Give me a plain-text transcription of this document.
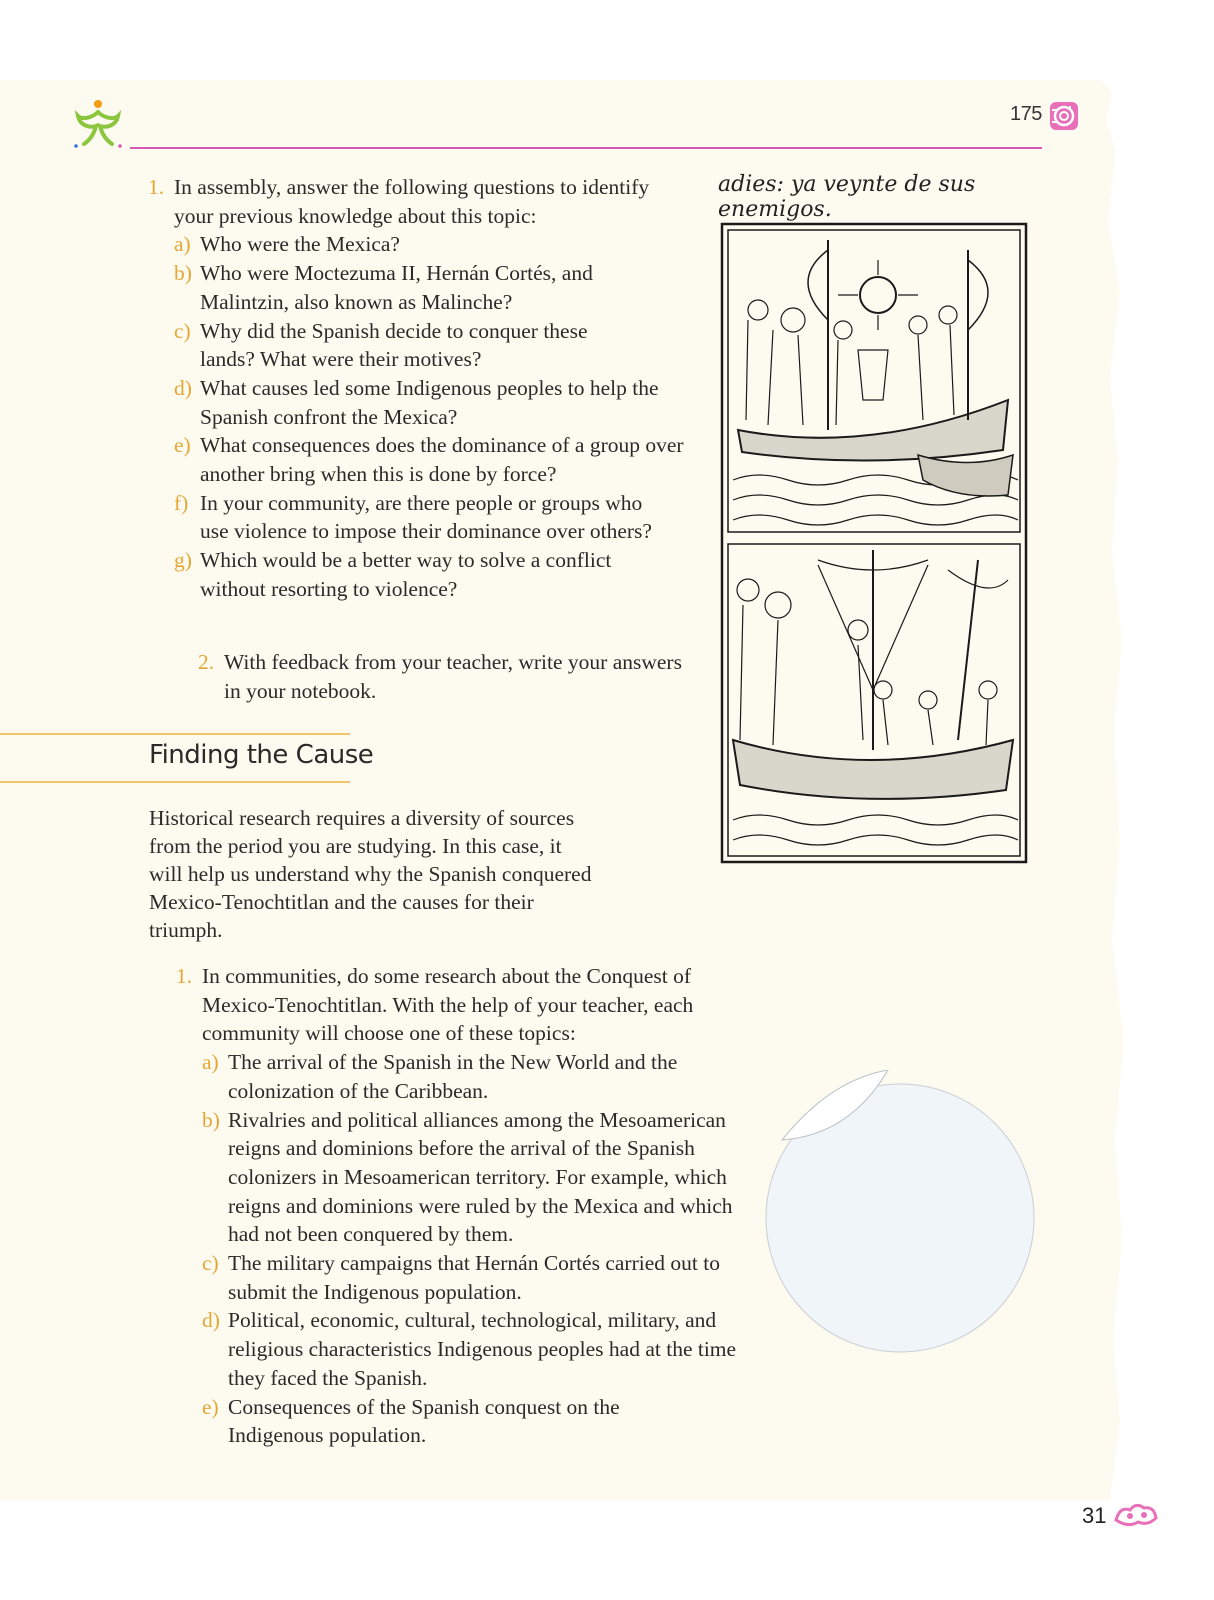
175
1. In assembly, answer the following questions to identify your previous knowledge about this topic:
a) Who were the Mexica?
b) Who were Moctezuma II, Hernán Cortés, and Malintzin, also known as Malinche?
c) Why did the Spanish decide to conquer these lands? What were their motives?
d) What causes led some Indigenous peoples to help the Spanish confront the Mexica?
e) What consequences does the dominance of a group over another bring when this is done by force?
f) In your community, are there people or groups who use violence to impose their dominance over others?
g) Which would be a better way to solve a conflict without resorting to violence?
2. With feedback from your teacher, write your answers in your notebook.
Finding the Cause
Historical research requires a diversity of sources from the period you are studying. In this case, it will help us understand why the Spanish conquered Mexico-Tenochtitlan and the causes for their triumph.
1. In communities, do some research about the Conquest of Mexico-Tenochtitlan. With the help of your teacher, each community will choose one of these topics:
a) The arrival of the Spanish in the New World and the colonization of the Caribbean.
b) Rivalries and political alliances among the Mesoamerican reigns and dominions before the arrival of the Spanish colonizers in Mesoamerican territory. For example, which reigns and dominions were ruled by the Mexica and which had not been conquered by them.
c) The military campaigns that Hernán Cortés carried out to submit the Indigenous population.
d) Political, economic, cultural, technological, military, and religious characteristics Indigenous peoples had at the time they faced the Spanish.
e) Consequences of the Spanish conquest on the Indigenous population.
adies: ya veynte de sus enemigos.
31
